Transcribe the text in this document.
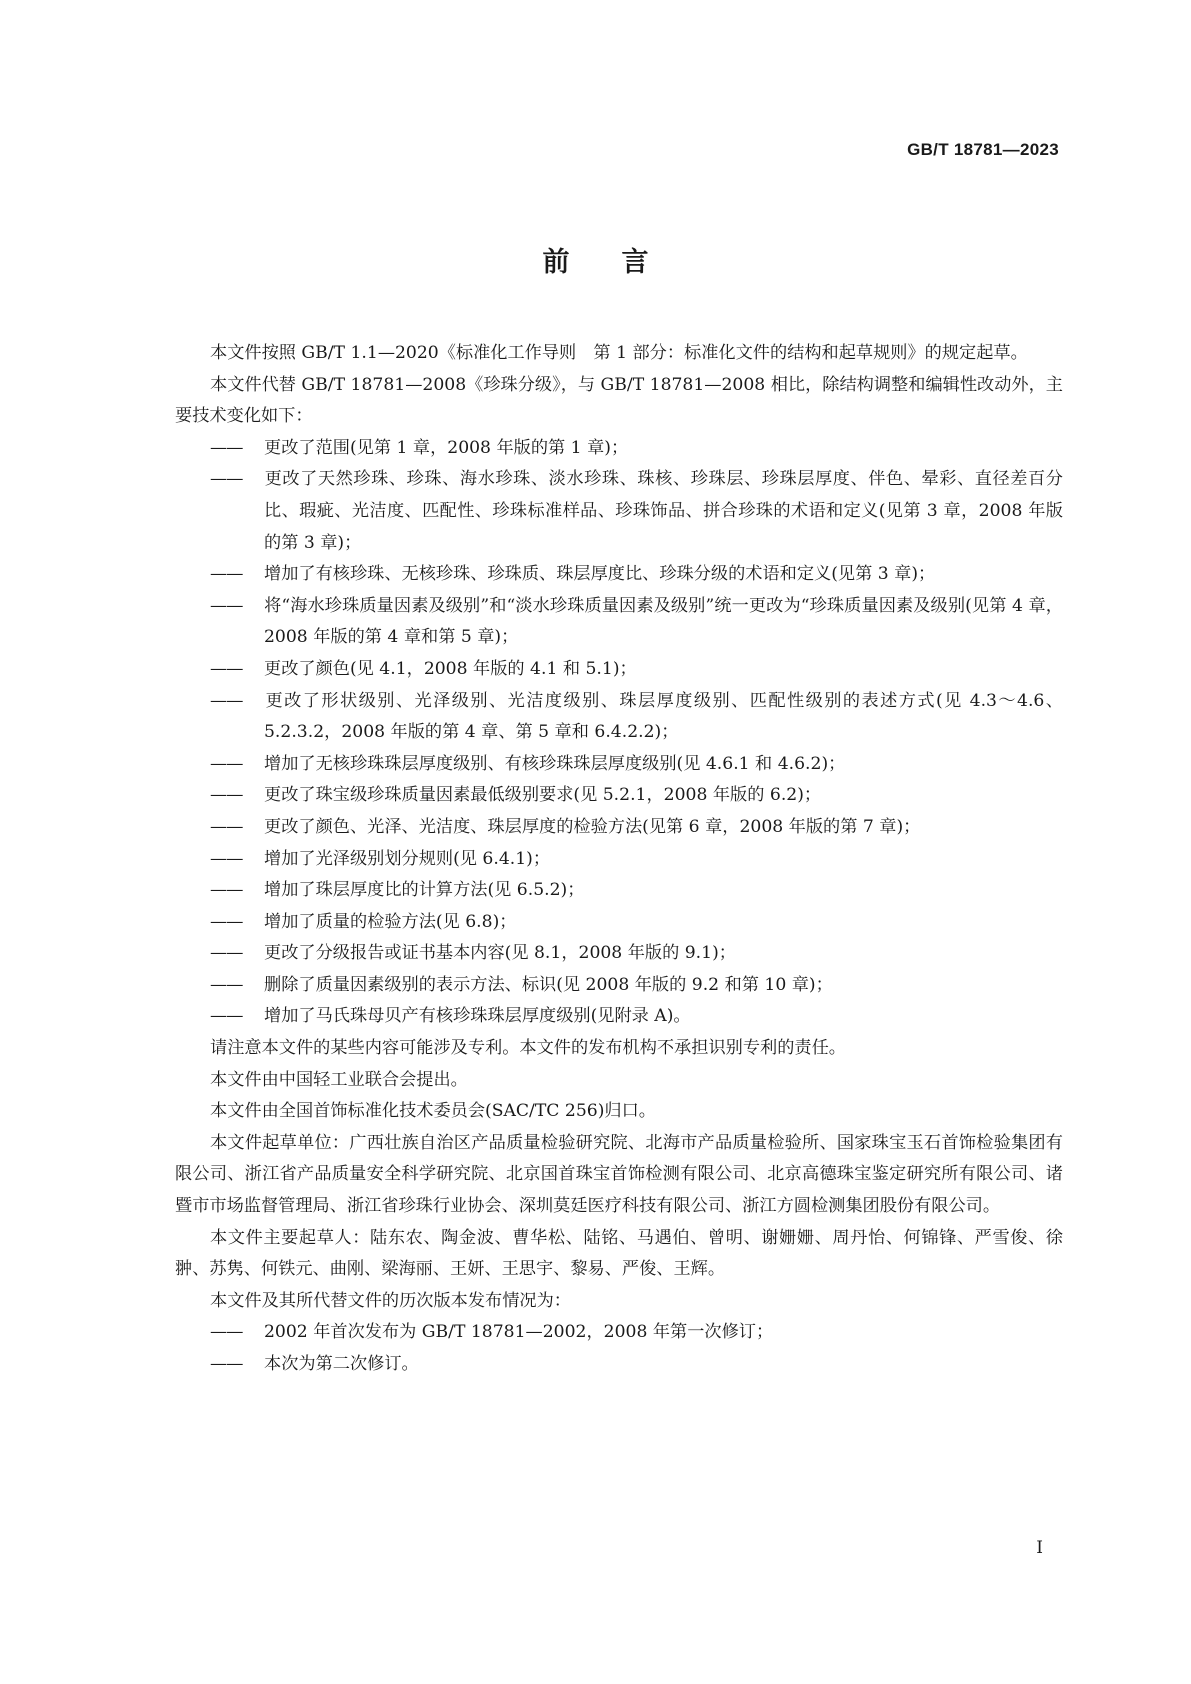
GB/T 18781—2023
前言

本文件按照 GB/T 1.1—2020《标准化工作导则　第 1 部分：标准化文件的结构和起草规则》的规定起草。

本文件代替 GB/T 18781—2008《珍珠分级》，与 GB/T 18781—2008 相比，除结构调整和编辑性改动外，主要技术变化如下：

—— 更改了范围(见第 1 章，2008 年版的第 1 章)；

—— 更改了天然珍珠、珍珠、海水珍珠、淡水珍珠、珠核、珍珠层、珍珠层厚度、伴色、晕彩、直径差百分比、瑕疵、光洁度、匹配性、珍珠标准样品、珍珠饰品、拼合珍珠的术语和定义(见第 3 章，2008 年版的第 3 章)；

—— 增加了有核珍珠、无核珍珠、珍珠质、珠层厚度比、珍珠分级的术语和定义(见第 3 章)；

—— 将“海水珍珠质量因素及级别”和“淡水珍珠质量因素及级别”统一更改为“珍珠质量因素及级别(见第 4 章，2008 年版的第 4 章和第 5 章)；

—— 更改了颜色(见 4.1，2008 年版的 4.1 和 5.1)；

—— 更改了形状级别、光泽级别、光洁度级别、珠层厚度级别、匹配性级别的表述方式(见 4.3～4.6、5.2.3.2，2008 年版的第 4 章、第 5 章和 6.4.2.2)；

—— 增加了无核珍珠珠层厚度级别、有核珍珠珠层厚度级别(见 4.6.1 和 4.6.2)；

—— 更改了珠宝级珍珠质量因素最低级别要求(见 5.2.1，2008 年版的 6.2)；

—— 更改了颜色、光泽、光洁度、珠层厚度的检验方法(见第 6 章，2008 年版的第 7 章)；

—— 增加了光泽级别划分规则(见 6.4.1)；

—— 增加了珠层厚度比的计算方法(见 6.5.2)；

—— 增加了质量的检验方法(见 6.8)；

—— 更改了分级报告或证书基本内容(见 8.1，2008 年版的 9.1)；

—— 删除了质量因素级别的表示方法、标识(见 2008 年版的 9.2 和第 10 章)；

—— 增加了马氏珠母贝产有核珍珠珠层厚度级别(见附录 A)。

请注意本文件的某些内容可能涉及专利。本文件的发布机构不承担识别专利的责任。

本文件由中国轻工业联合会提出。

本文件由全国首饰标准化技术委员会(SAC/TC 256)归口。

本文件起草单位：广西壮族自治区产品质量检验研究院、北海市产品质量检验所、国家珠宝玉石首饰检验集团有限公司、浙江省产品质量安全科学研究院、北京国首珠宝首饰检测有限公司、北京高德珠宝鉴定研究所有限公司、诸暨市市场监督管理局、浙江省珍珠行业协会、深圳莫廷医疗科技有限公司、浙江方圆检测集团股份有限公司。

本文件主要起草人：陆东农、陶金波、曹华松、陆铭、马遇伯、曾明、谢姗姗、周丹怡、何锦锋、严雪俊、徐翀、苏隽、何铁元、曲刚、梁海丽、王妍、王思宇、黎易、严俊、王辉。

本文件及其所代替文件的历次版本发布情况为：

—— 2002 年首次发布为 GB/T 18781—2002，2008 年第一次修订；

—— 本次为第二次修订。

I
